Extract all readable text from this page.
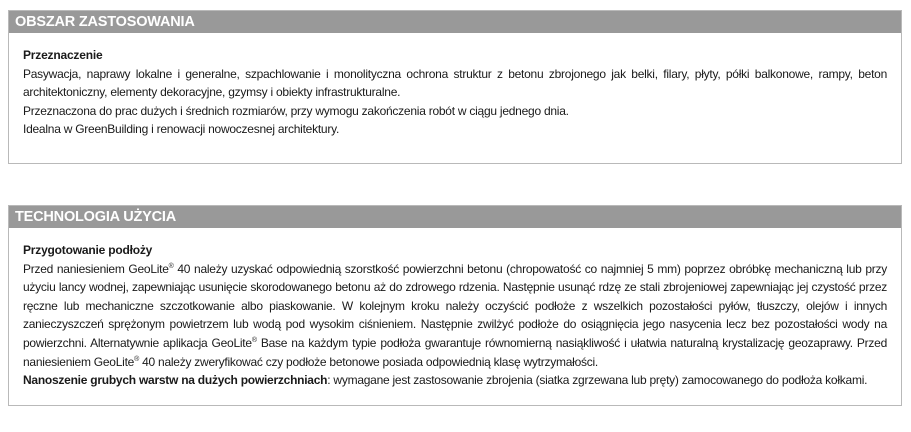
OBSZAR ZASTOSOWANIA

Przeznaczenie

Pasywacja, naprawy lokalne i generalne, szpachlowanie i monolityczna ochrona struktur z betonu zbrojonego jak belki, filary, płyty, półki balkonowe, rampy, beton architektoniczny, elementy dekoracyjne, gzymsy i obiekty infrastrukturalne.

Przeznaczona do prac dużych i średnich rozmiarów, przy wymogu zakończenia robót w ciągu jednego dnia.

Idealna w GreenBuilding i renowacji nowoczesnej architektury.

TECHNOLOGIA UŻYCIA

Przygotowanie podłoży

Przed naniesieniem GeoLite® 40 należy uzyskać odpowiednią szorstkość powierzchni betonu (chropowatość co najmniej 5 mm) poprzez obróbkę mechaniczną lub przy użyciu lancy wodnej, zapewniając usunięcie skorodowanego betonu aż do zdrowego rdzenia. Następnie usunąć rdzę ze stali zbrojeniowej zapewniając jej czystość przez ręczne lub mechaniczne szczotkowanie albo piaskowanie. W kolejnym kroku należy oczyścić podłoże z wszelkich pozostałości pyłów, tłuszczy, olejów i innych zanieczyszczeń sprężonym powietrzem lub wodą pod wysokim ciśnieniem. Następnie zwilżyć podłoże do osiągnięcia jego nasycenia lecz bez pozostałości wody na powierzchni. Alternatywnie aplikacja GeoLite® Base na każdym typie podłoża gwarantuje równomierną nasiąkliwość i ułatwia naturalną krystalizację geozaprawy. Przed naniesieniem GeoLite® 40 należy zweryfikować czy podłoże betonowe posiada odpowiednią klasę wytrzymałości.

Nanoszenie grubych warstw na dużych powierzchniach: wymagane jest zastosowanie zbrojenia (siatka zgrzewana lub pręty) zamocowanego do podłoża kołkami.
